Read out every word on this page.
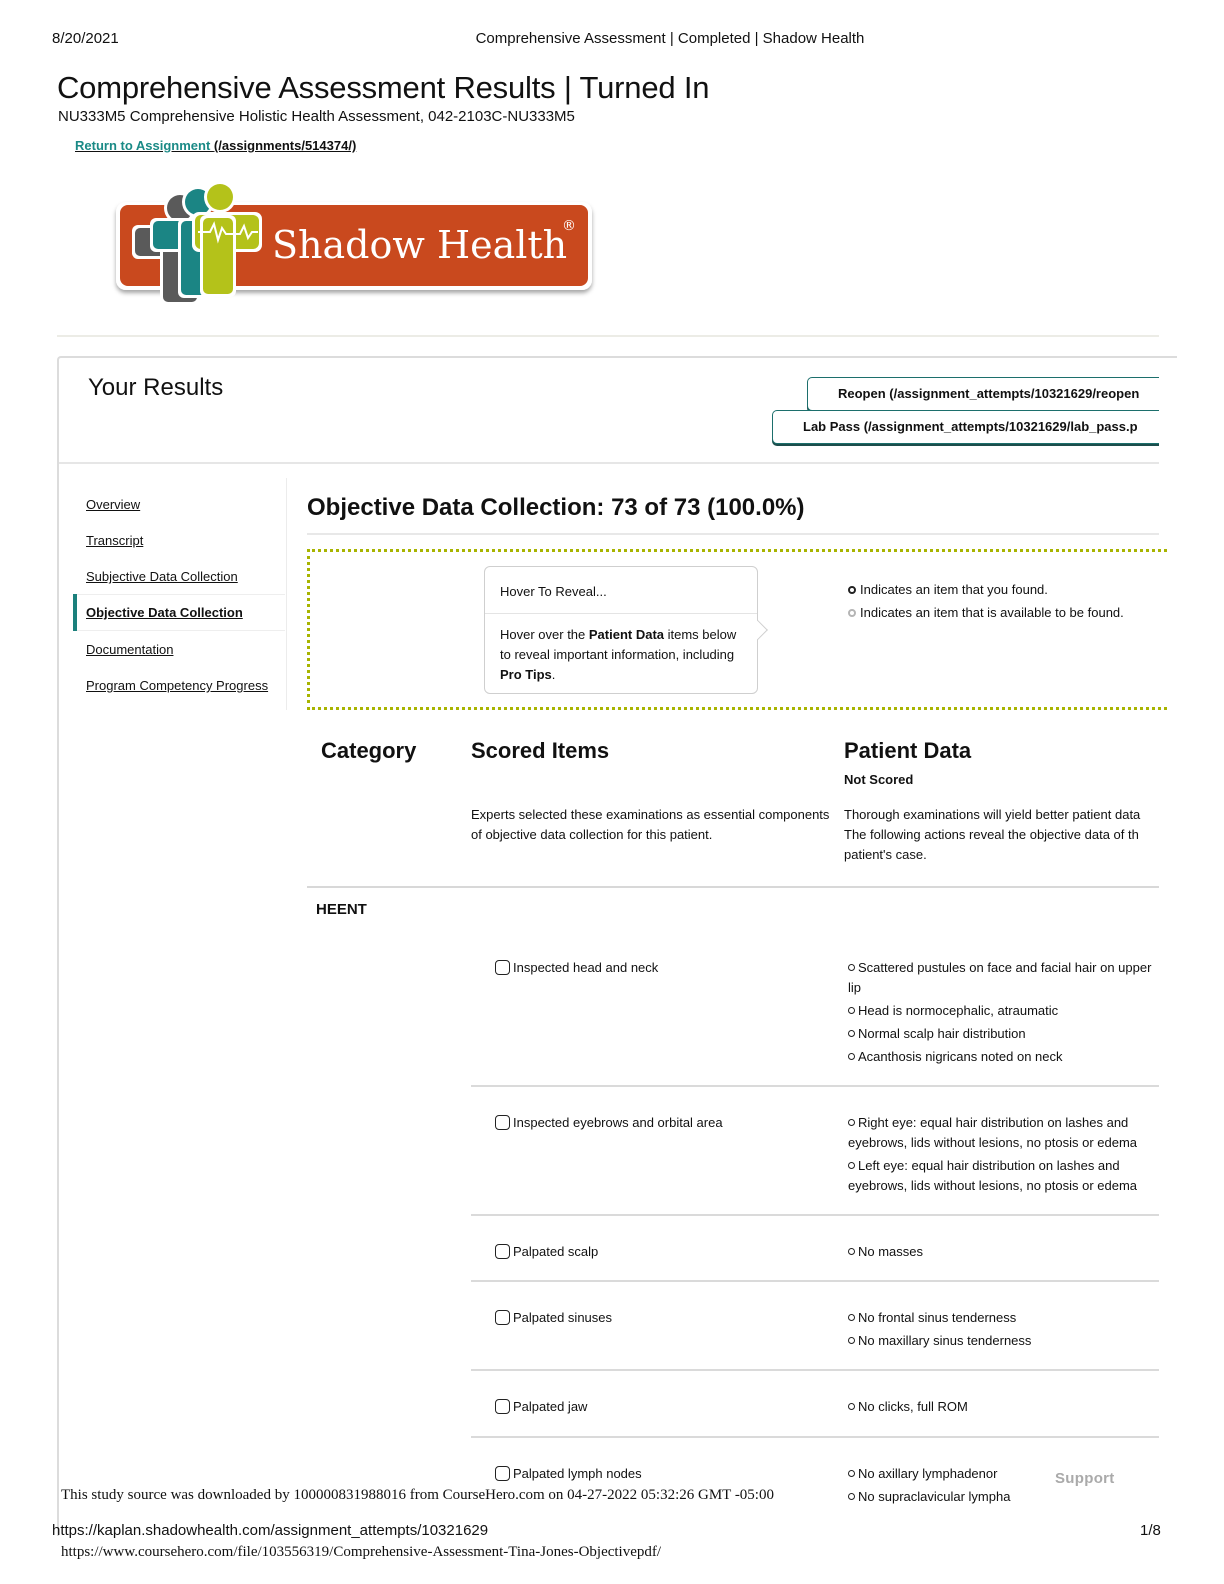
8/20/2021	Comprehensive Assessment | Completed | Shadow Health
Comprehensive Assessment Results | Turned In
NU333M5 Comprehensive Holistic Health Assessment, 042-2103C-NU333M5
Return to Assignment (/assignments/514374/)
Shadow Health
®
Your Results	Reopen (/assignment_attempts/10321629/reopen
Lab Pass (/assignment_attempts/10321629/lab_pass.p
Overview
Transcript
Subjective Data Collection
Objective Data Collection
Documentation
Program Competency Progress
Objective Data Collection: 73 of 73 (100.0%)
Hover To Reveal...
Hover over the Patient Data items below to reveal important information, including Pro Tips.
Indicates an item that you found.
Indicates an item that is available to be found.
Category Scored Items	Patient Data
Not Scored
Experts selected these examinations as essential components of objective data collection for this patient.
Thorough examinations will yield better patient data
The following actions reveal the objective data of th
patient's case.
HEENT
Inspected head and neck	Scattered pustules on face and facial hair on upper lip
Head is normocephalic, atraumatic
Normal scalp hair distribution
Acanthosis nigricans noted on neck
Inspected eyebrows and orbital area	Right eye: equal hair distribution on lashes and eyebrows, lids without lesions, no ptosis or edema
Left eye: equal hair distribution on lashes and eyebrows, lids without lesions, no ptosis or edema
Palpated scalp	No masses
Palpated sinuses	No frontal sinus tenderness
No maxillary sinus tenderness
Palpated jaw	No clicks, full ROM
Palpated lymph nodes	No axillary lymphadenor
No supraclavicular lympha
Support
This study source was downloaded by 100000831988016 from CourseHero.com on 04-27-2022 05:32:26 GMT -05:00
https://kaplan.shadowhealth.com/assignment_attempts/10321629	1/8
https://www.coursehero.com/file/103556319/Comprehensive-Assessment-Tina-Jones-Objectivepdf/
